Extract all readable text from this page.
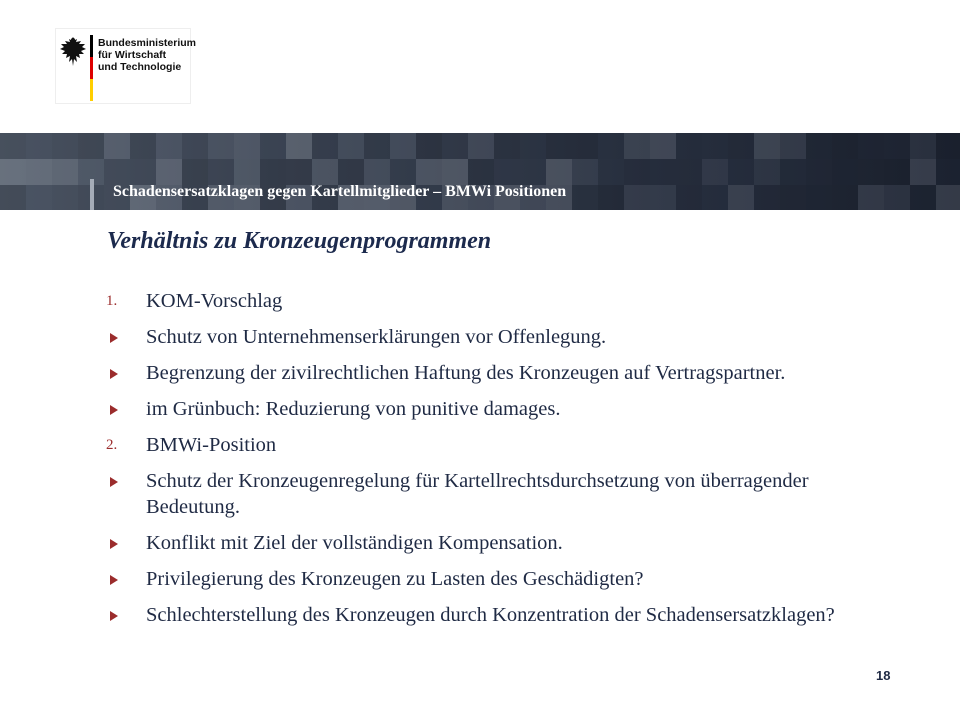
Bundesministerium
für Wirtschaft
und Technologie
Schadensersatzklagen gegen Kartellmitglieder – BMWi Positionen
Verhältnis zu Kronzeugenprogrammen
1.	KOM-Vorschlag
Schutz von Unternehmenserklärungen vor Offenlegung.
Begrenzung der zivilrechtlichen Haftung des Kronzeugen auf Vertragspartner.
im Grünbuch: Reduzierung von punitive damages.
2.	BMWi-Position
Schutz der Kronzeugenregelung für Kartellrechtsdurchsetzung von überragender Bedeutung.
Konflikt mit Ziel der vollständigen Kompensation.
Privilegierung des Kronzeugen zu Lasten des Geschädigten?
Schlechterstellung des Kronzeugen durch Konzentration der Schadensersatzklagen?
18
